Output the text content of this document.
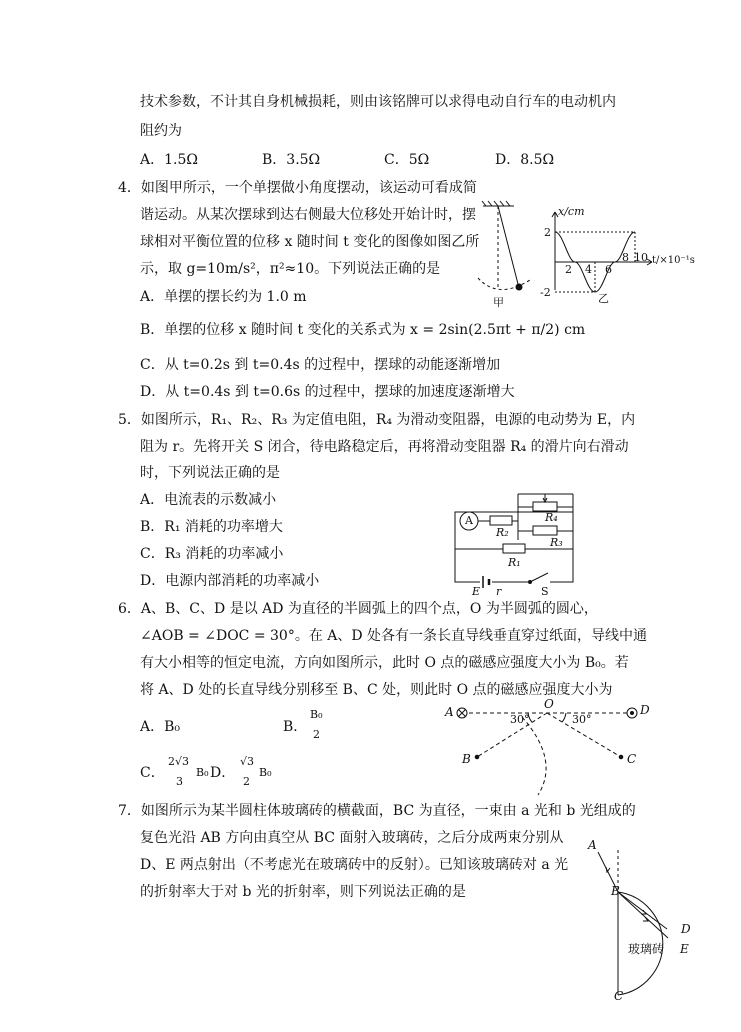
技术参数，不计其自身机械损耗，则由该铭牌可以求得电动自行车的电动机内
阻约为
A．1.5Ω	B．3.5Ω	C．5Ω	D．8.5Ω
4．如图甲所示，一个单摆做小角度摆动，该运动可看成简
谐运动。从某次摆球到达右侧最大位移处开始计时，摆
球相对平衡位置的位移 x 随时间 t 变化的图像如图乙所
示，取 g=10m/s²，π²≈10。下列说法正确的是
A．单摆的摆长约为 1.0 m
B．单摆的位移 x 随时间 t 变化的关系式为 x = 2sin(2.5πt + π/2) cm
C．从 t=0.2s 到 t=0.4s 的过程中，摆球的动能逐渐增加
D．从 t=0.4s 到 t=0.6s 的过程中，摆球的加速度逐渐增大
5．如图所示，R₁、R₂、R₃ 为定值电阻，R₄ 为滑动变阻器，电源的电动势为 E，内
阻为 r。先将开关 S 闭合，待电路稳定后，再将滑动变阻器 R₄ 的滑片向右滑动
时，下列说法正确的是
A．电流表的示数减小
B．R₁ 消耗的功率增大
C．R₃ 消耗的功率减小
D．电源内部消耗的功率减小
6．A、B、C、D 是以 AD 为直径的半圆弧上的四个点，O 为半圆弧的圆心，
∠AOB = ∠DOC = 30°。在 A、D 处各有一条长直导线垂直穿过纸面，导线中通
有大小相等的恒定电流，方向如图所示，此时 O 点的磁感应强度大小为 B₀。若
将 A、D 处的长直导线分别移至 B、C 处，则此时 O 点的磁感应强度大小为
A．B₀	B．
B₀
2
C．
2√3
3
B₀ D．
√3
2
B₀
7．如图所示为某半圆柱体玻璃砖的横截面，BC 为直径，一束由 a 光和 b 光组成的
复色光沿 AB 方向由真空从 BC 面射入玻璃砖，之后分成两束分别从
D、E 两点射出（不考虑光在玻璃砖中的反射）。已知该玻璃砖对 a 光
的折射率大于对 b 光的折射率，则下列说法正确的是
甲	乙
x/cm
t/×10⁻¹s
2
-2
2 4 6
8 10
A
R₂
R₄
R₃
R₁
E r	S
A	D
O
30°	30°
B	C
A
B
D
E
C
玻璃砖
